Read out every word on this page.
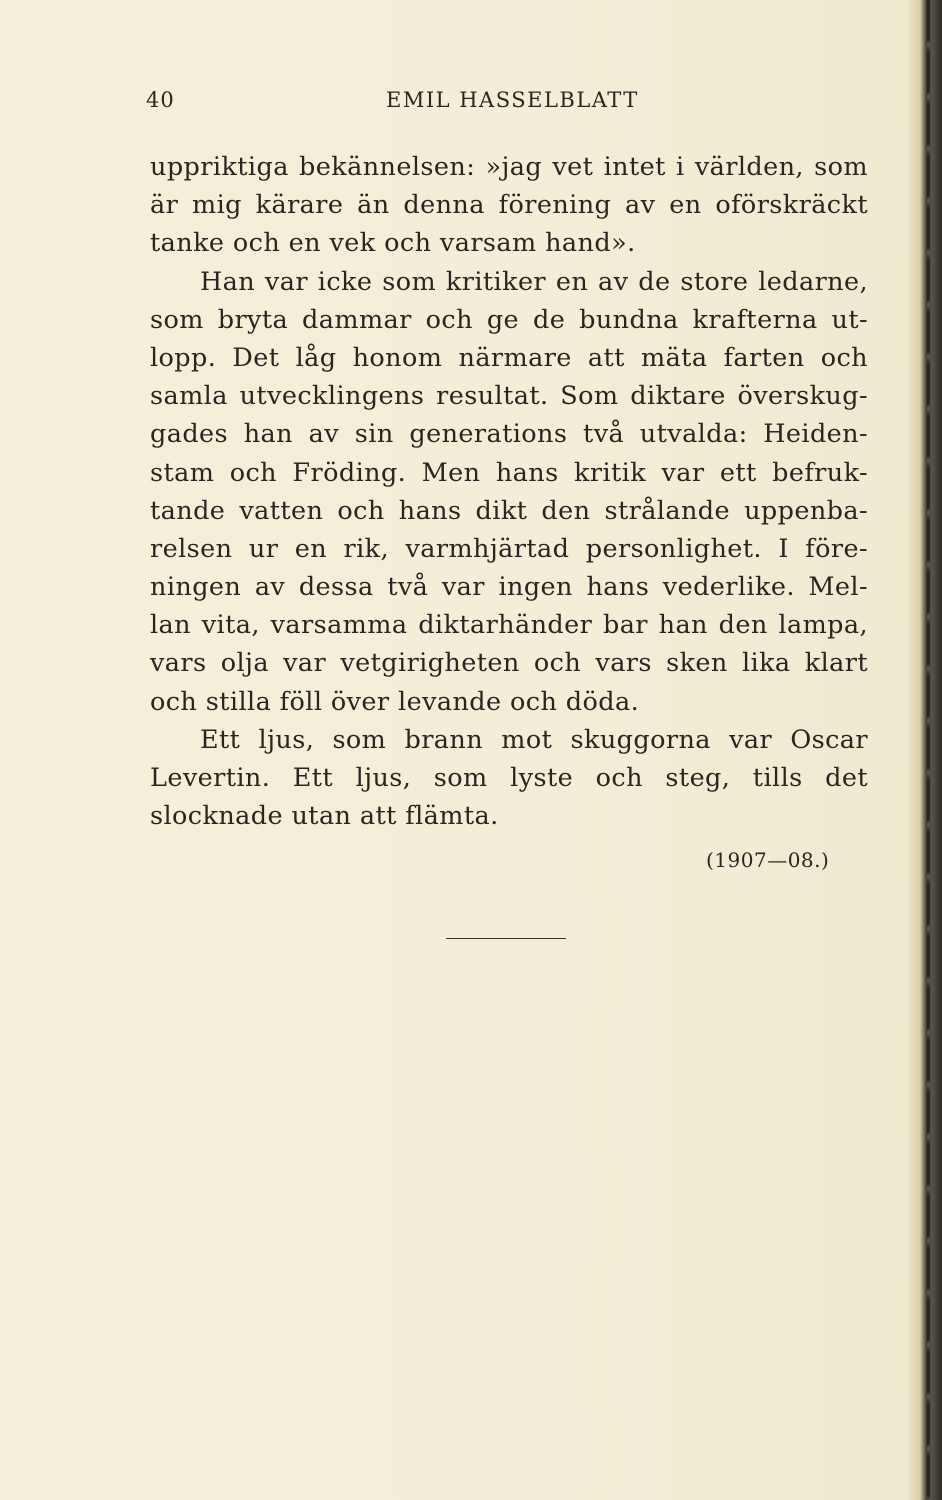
40	EMIL HASSELBLATT
uppriktiga bekännelsen: »jag vet intet i världen, som
är mig kärare än denna förening av en oförskräckt
tanke och en vek och varsam hand».
Han var icke som kritiker en av de store ledarne,
som bryta dammar och ge de bundna krafterna ut-
lopp. Det låg honom närmare att mäta farten och
samla utvecklingens resultat. Som diktare överskug-
gades han av sin generations två utvalda: Heiden-
stam och Fröding. Men hans kritik var ett befruk-
tande vatten och hans dikt den strålande uppenba-
relsen ur en rik, varmhjärtad personlighet. I före-
ningen av dessa två var ingen hans vederlike. Mel-
lan vita, varsamma diktarhänder bar han den lampa,
vars olja var vetgirigheten och vars sken lika klart
och stilla föll över levande och döda.
Ett ljus, som brann mot skuggorna var Oscar
Levertin. Ett ljus, som lyste och steg, tills det
slocknade utan att flämta.
(1907—08.)
